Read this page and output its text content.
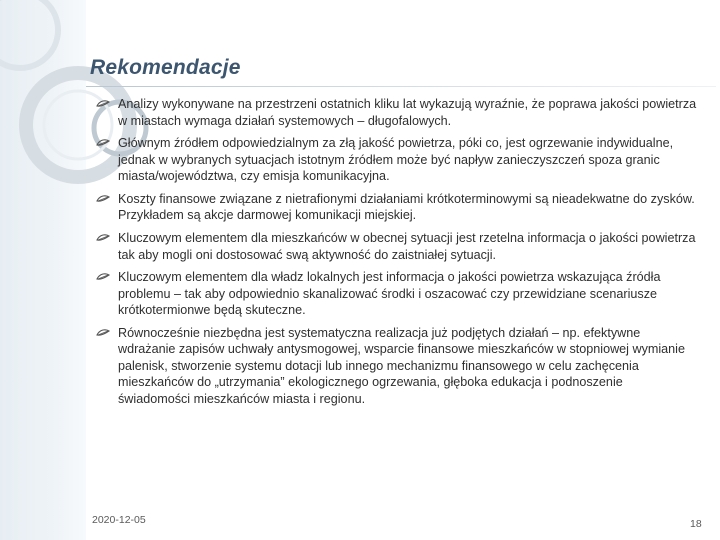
Rekomendacje
Analizy wykonywane na przestrzeni ostatnich kliku lat wykazują wyraźnie, że poprawa jakości powietrza w miastach wymaga działań systemowych – długofalowych.
Głównym źródłem odpowiedzialnym za złą jakość powietrza, póki co, jest ogrzewanie indywidualne, jednak w wybranych sytuacjach istotnym źródłem może być napływ zanieczyszczeń spoza granic miasta/województwa, czy emisja komunikacyjna.
Koszty finansowe związane z nietrafionymi działaniami krótkoterminowymi są nieadekwatne do zysków. Przykładem są akcje darmowej komunikacji miejskiej.
Kluczowym elementem dla mieszkańców w obecnej sytuacji jest rzetelna informacja o jakości powietrza tak aby mogli oni dostosować swą aktywność do zaistniałej sytuacji.
Kluczowym elementem dla władz lokalnych jest informacja o jakości powietrza wskazująca źródła problemu – tak aby odpowiednio skanalizować środki i oszacować czy przewidziane scenariusze krótkotermionwe będą skuteczne.
Równocześnie niezbędna jest systematyczna realizacja już podjętych działań – np. efektywne wdrażanie zapisów uchwały antysmogowej, wsparcie finansowe mieszkańców w stopniowej wymianie palenisk, stworzenie systemu dotacji lub innego mechanizmu finansowego w celu zachęcenia mieszkańców do „utrzymania” ekologicznego ogrzewania, głęboka edukacja i podnoszenie świadomości mieszkańców miasta i regionu.
2020-12-05	18
